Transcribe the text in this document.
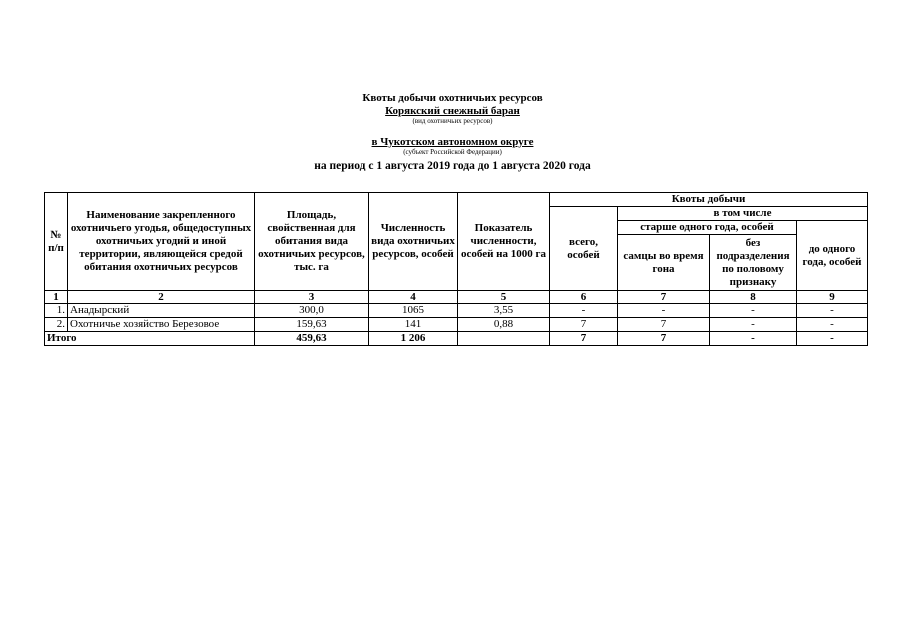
Квоты добычи охотничьих ресурсов
Корякский снежный баран
(вид охотничьих ресурсов)
в Чукотском автономном округе
(субъект Российской Федерации)
на период с 1 августа 2019 года до 1 августа 2020 года
№ п/п	Наименование закрепленного охотничьего угодья, общедоступных охотничьих угодий и иной территории, являющейся средой обитания охотничьих ресурсов	Площадь, свойственная для обитания вида охотничьих ресурсов, тыс. га	Численность вида охотничьих ресурсов, особей	Показатель численности, особей на 1000 га	Квоты добычи			
					всего, особей	в том числе		
						старше одного года, особей		до одного года, особей
						самцы во время гона	без подразделения по половому признаку	

1	2	3	4	5	6	7	8	9
1.	Анадырский	300,0	1065	3,55	-	-	-	-
2.	Охотничье хозяйство Березовое	159,63	141	0,88	7	7	-	-
Итого		459,63	1 206		7	7	-	-
